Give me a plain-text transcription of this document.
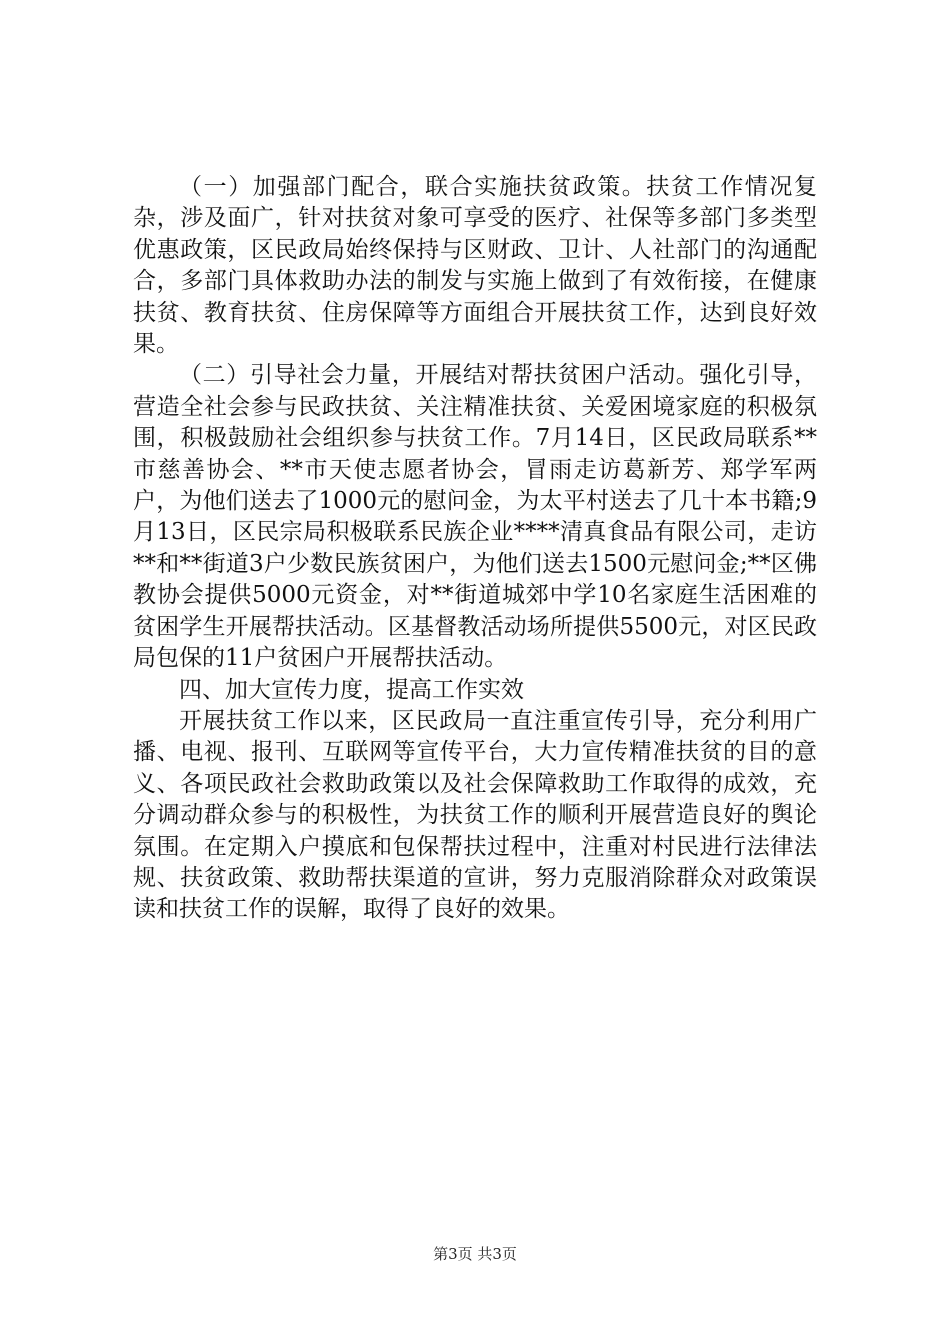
（一）加强部门配合，联合实施扶贫政策。扶贫工作情况复杂，涉及面广，针对扶贫对象可享受的医疗、社保等多部门多类型优惠政策，区民政局始终保持与区财政、卫计、人社部门的沟通配合，多部门具体救助办法的制发与实施上做到了有效衔接，在健康扶贫、教育扶贫、住房保障等方面组合开展扶贫工作，达到良好效果。

（二）引导社会力量，开展结对帮扶贫困户活动。强化引导，营造全社会参与民政扶贫、关注精准扶贫、关爱困境家庭的积极氛围，积极鼓励社会组织参与扶贫工作。7月14日，区民政局联系**市慈善协会、**市天使志愿者协会，冒雨走访葛新芳、郑学军两户，为他们送去了1000元的慰问金，为太平村送去了几十本书籍;9月13日，区民宗局积极联系民族企业****清真食品有限公司，走访**和**街道3户少数民族贫困户，为他们送去1500元慰问金;**区佛教协会提供5000元资金，对**街道城郊中学10名家庭生活困难的贫困学生开展帮扶活动。区基督教活动场所提供5500元，对区民政局包保的11户贫困户开展帮扶活动。

四、加大宣传力度，提高工作实效

开展扶贫工作以来，区民政局一直注重宣传引导，充分利用广播、电视、报刊、互联网等宣传平台，大力宣传精准扶贫的目的意义、各项民政社会救助政策以及社会保障救助工作取得的成效，充分调动群众参与的积极性，为扶贫工作的顺利开展营造良好的舆论氛围。在定期入户摸底和包保帮扶过程中，注重对村民进行法律法规、扶贫政策、救助帮扶渠道的宣讲，努力克服消除群众对政策误读和扶贫工作的误解，取得了良好的效果。

第3页 共3页
